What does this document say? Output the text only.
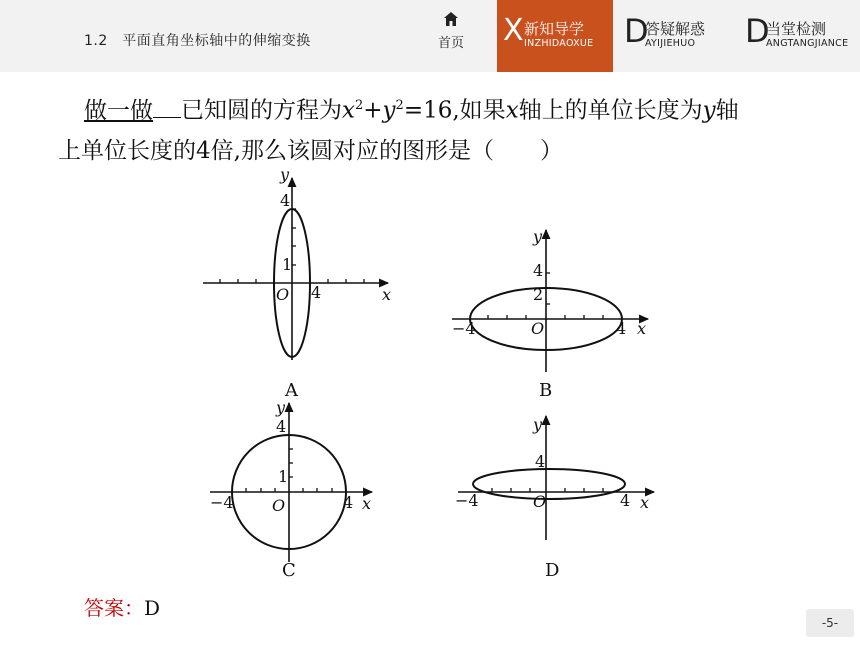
1.2　平面直角坐标轴中的伸缩变换	首页	X 新知导学
INZHIDAOXUE D
答疑解惑
AYIJIEHUO D
当堂检测
ANGTANGJIANCE
做一做 已知圆的方程为$x^2+y^2=16$,如果x轴上的单位长度为y轴
上单位长度的4倍,那么该圆对应的图形是（　　）
y
x
O
4
1
4
A
y
x
O
4
2
−4	4
B
y
x
O
4
1
−4	4
C
y
x
O
4
−4	4
D
答案：D
-5-
